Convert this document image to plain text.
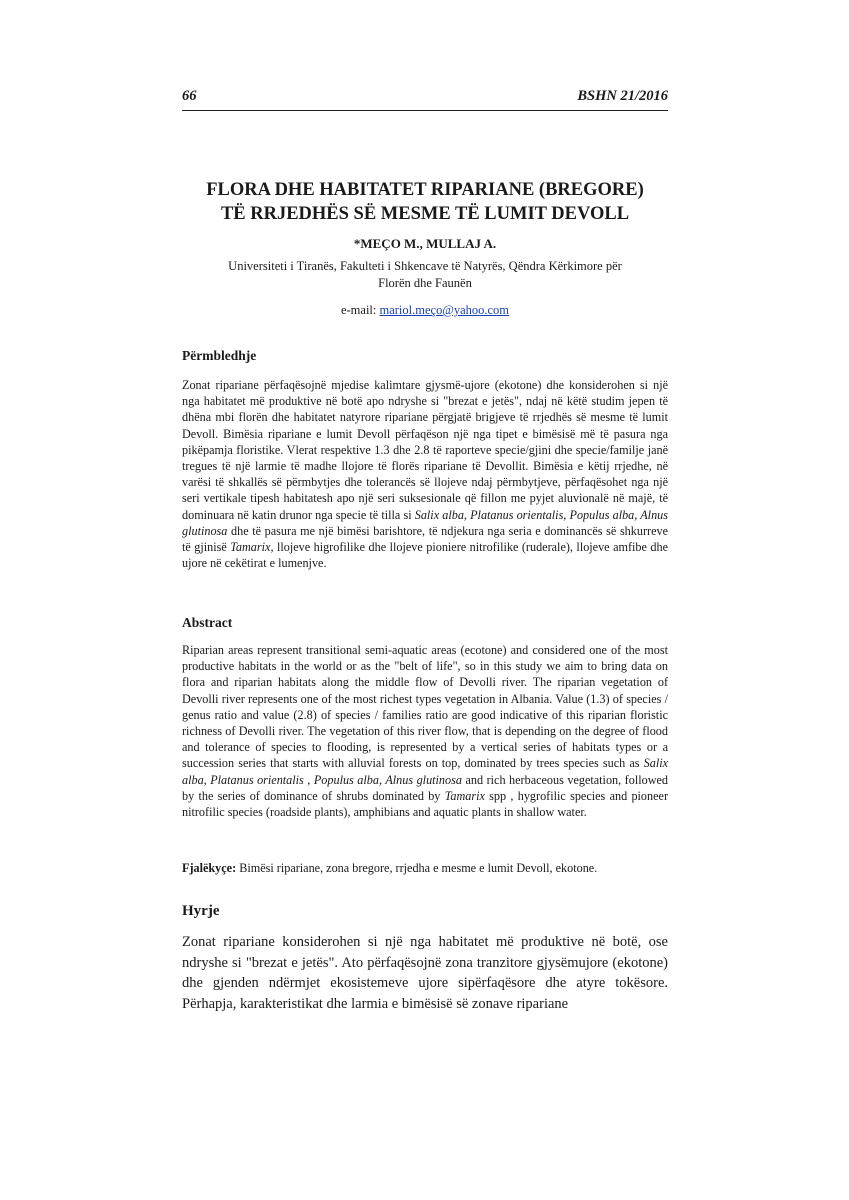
66	BSHN 21/2016
FLORA DHE HABITATET RIPARIANE (BREGORE)
TË RRJEDHËS SË MESME TË LUMIT DEVOLL
*MEÇO M., MULLAJ A.
Universiteti i Tiranës, Fakulteti i Shkencave të Natyrës, Qëndra Kërkimore për
Florën dhe Faunën
e-mail: mariol.meço@yahoo.com
Përmbledhje
Zonat ripariane përfaqësojnë mjedise kalimtare gjysmë-ujore (ekotone) dhe konsiderohen si një nga habitatet më produktive në botë apo ndryshe si "brezat e jetës", ndaj në këtë studim jepen të dhëna mbi florën dhe habitatet natyrore ripariane përgjatë brigjeve të rrjedhës së mesme të lumit Devoll. Bimësia ripariane e lumit Devoll përfaqëson një nga tipet e bimësisë më të pasura nga pikëpamja floristike. Vlerat respektive 1.3 dhe 2.8 të raporteve specie/gjini dhe specie/familje janë tregues të një larmie të madhe llojore të florës ripariane të Devollit. Bimësia e këtij rrjedhe, në varësi të shkallës së përmbytjes dhe tolerancës së llojeve ndaj përmbytjeve, përfaqësohet nga një seri vertikale tipesh habitatesh apo një seri suksesionale që fillon me pyjet aluvionalë në majë, të dominuara në katin drunor nga specie të tilla si Salix alba, Platanus orientalis, Populus alba, Alnus glutinosa dhe të pasura me një bimësi barishtore, të ndjekura nga seria e dominancës së shkurreve të gjinisë Tamarix, llojeve higrofilike dhe llojeve pioniere nitrofilike (ruderale), llojeve amfibe dhe ujore në cekëtirat e lumenjve.
Abstract
Riparian areas represent transitional semi-aquatic areas (ecotone) and considered one of the most productive habitats in the world or as the "belt of life", so in this study we aim to bring data on flora and riparian habitats along the middle flow of Devolli river. The riparian vegetation of Devolli river represents one of the most richest types vegetation in Albania. Value (1.3) of species / genus ratio and value (2.8) of species / families ratio are good indicative of this riparian floristic richness of Devolli river. The vegetation of this river flow, that is depending on the degree of flood and tolerance of species to flooding, is represented by a vertical series of habitats types or a succession series that starts with alluvial forests on top, dominated by trees species such as Salix alba, Platanus orientalis , Populus alba, Alnus glutinosa and rich herbaceous vegetation, followed by the series of dominance of shrubs dominated by Tamarix spp , hygrofilic species and pioneer nitrofilic species (roadside plants), amphibians and aquatic plants in shallow water.
Fjalëkyçe: Bimësi ripariane, zona bregore, rrjedha e mesme e lumit Devoll, ekotone.
Hyrje
Zonat ripariane konsiderohen si një nga habitatet më produktive në botë, ose ndryshe si "brezat e jetës". Ato përfaqësojnë zona tranzitore gjysëmujore (ekotone) dhe gjenden ndërmjet ekosistemeve ujore sipërfaqësore dhe atyre tokësore. Përhapja, karakteristikat dhe larmia e bimësisë së zonave ripariane
